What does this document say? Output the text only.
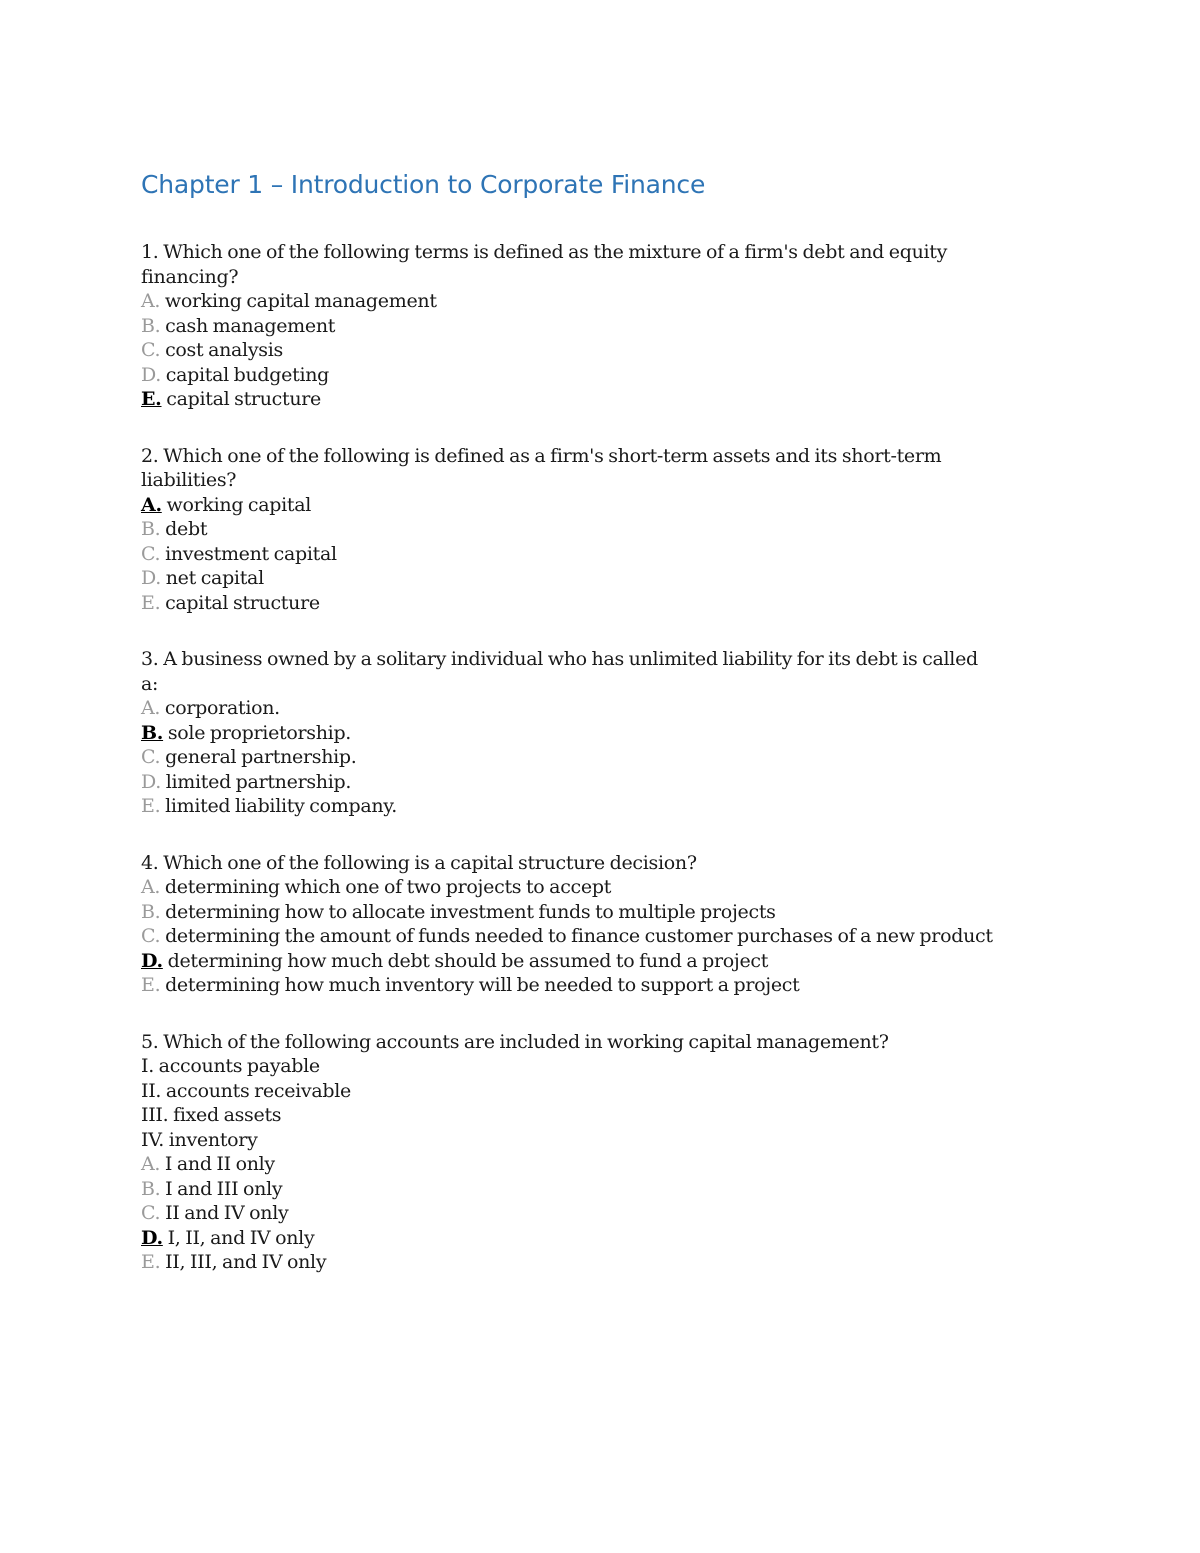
Chapter 1 – Introduction to Corporate Finance
1. Which one of the following terms is defined as the mixture of a firm's debt and equity financing?
A. working capital management
B. cash management
C. cost analysis
D. capital budgeting
E. capital structure
2. Which one of the following is defined as a firm's short-term assets and its short-term liabilities?
A. working capital
B. debt
C. investment capital
D. net capital
E. capital structure
3. A business owned by a solitary individual who has unlimited liability for its debt is called a:
A. corporation.
B. sole proprietorship.
C. general partnership.
D. limited partnership.
E. limited liability company.
4. Which one of the following is a capital structure decision?
A. determining which one of two projects to accept
B. determining how to allocate investment funds to multiple projects
C. determining the amount of funds needed to finance customer purchases of a new product
D. determining how much debt should be assumed to fund a project
E. determining how much inventory will be needed to support a project
5. Which of the following accounts are included in working capital management?
I. accounts payable
II. accounts receivable
III. fixed assets
IV. inventory
A. I and II only
B. I and III only
C. II and IV only
D. I, II, and IV only
E. II, III, and IV only
